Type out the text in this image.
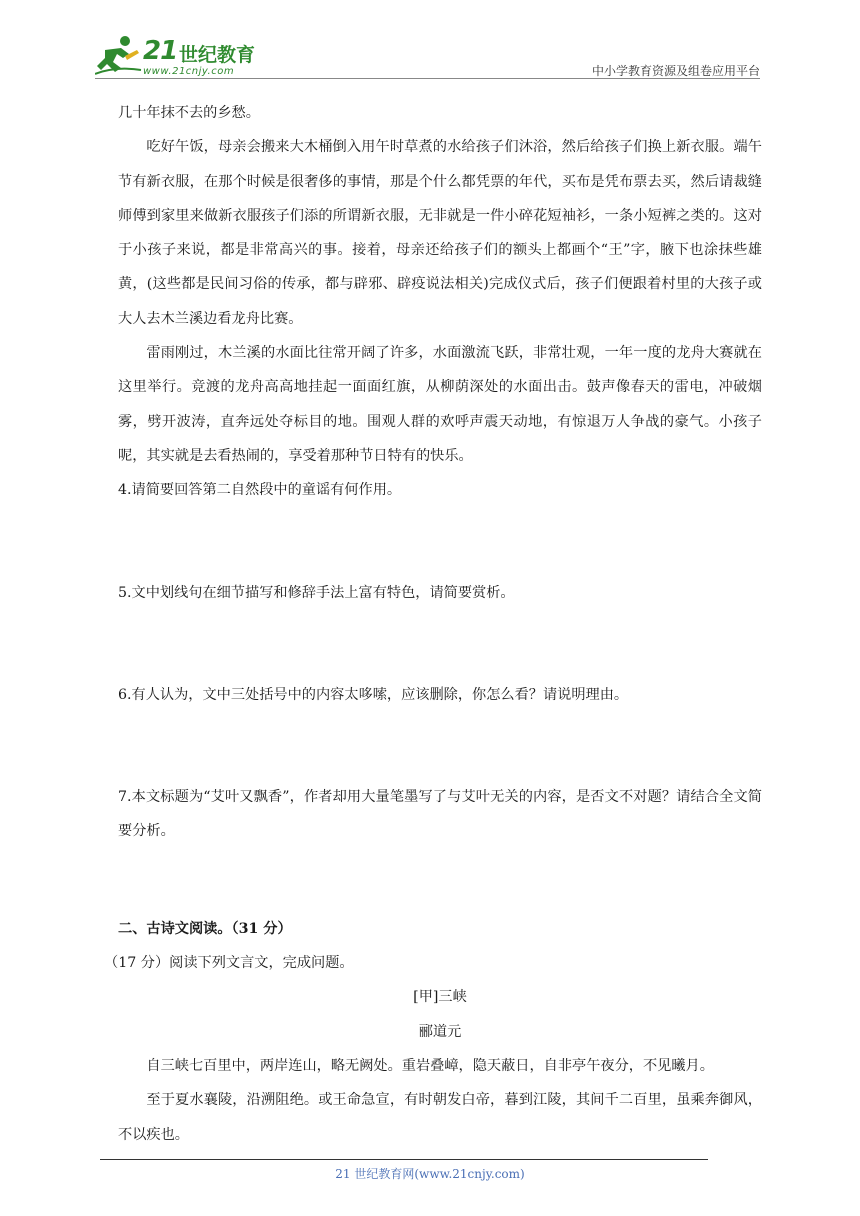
21 世纪教育
www.21cnjy.com	中小学教育资源及组卷应用平台

几十年抹不去的乡愁。

吃好午饭，母亲会搬来大木桶倒入用午时草煮的水给孩子们沐浴，然后给孩子们换上新衣服。端午节有新衣服，在那个时候是很奢侈的事情，那是个什么都凭票的年代，买布是凭布票去买，然后请裁缝师傅到家里来做新衣服孩子们添的所谓新衣服，无非就是一件小碎花短袖衫，一条小短裤之类的。这对于小孩子来说，都是非常高兴的事。接着，母亲还给孩子们的额头上都画个“王”字，腋下也涂抹些雄黄，(这些都是民间习俗的传承，都与辟邪、辟疫说法相关)完成仪式后，孩子们便跟着村里的大孩子或大人去木兰溪边看龙舟比赛。

雷雨刚过，木兰溪的水面比往常开阔了许多，水面激流飞跃，非常壮观，一年一度的龙舟大赛就在这里举行。竞渡的龙舟高高地挂起一面面红旗，从柳荫深处的水面出击。鼓声像春天的雷电，冲破烟雾，劈开波涛，直奔远处夺标目的地。围观人群的欢呼声震天动地，有惊退万人争战的豪气。小孩子呢，其实就是去看热闹的，享受着那种节日特有的快乐。

4.请简要回答第二自然段中的童谣有何作用。

5.文中划线句在细节描写和修辞手法上富有特色，请简要赏析。

6.有人认为，文中三处括号中的内容太哆嗦，应该删除，你怎么看？请说明理由。

7.本文标题为“艾叶又飘香”，作者却用大量笔墨写了与艾叶无关的内容，是否文不对题？请结合全文简要分析。

二、古诗文阅读。（31 分）

（17 分）阅读下列文言文，完成问题。

[甲]三峡

郦道元

自三峡七百里中，两岸连山，略无阙处。重岩叠嶂，隐天蔽日，自非亭午夜分，不见曦月。

至于夏水襄陵，沿溯阻绝。或王命急宣，有时朝发白帝，暮到江陵，其间千二百里，虽乘奔御风，不以疾也。

21 世纪教育网(www.21cnjy.com)
